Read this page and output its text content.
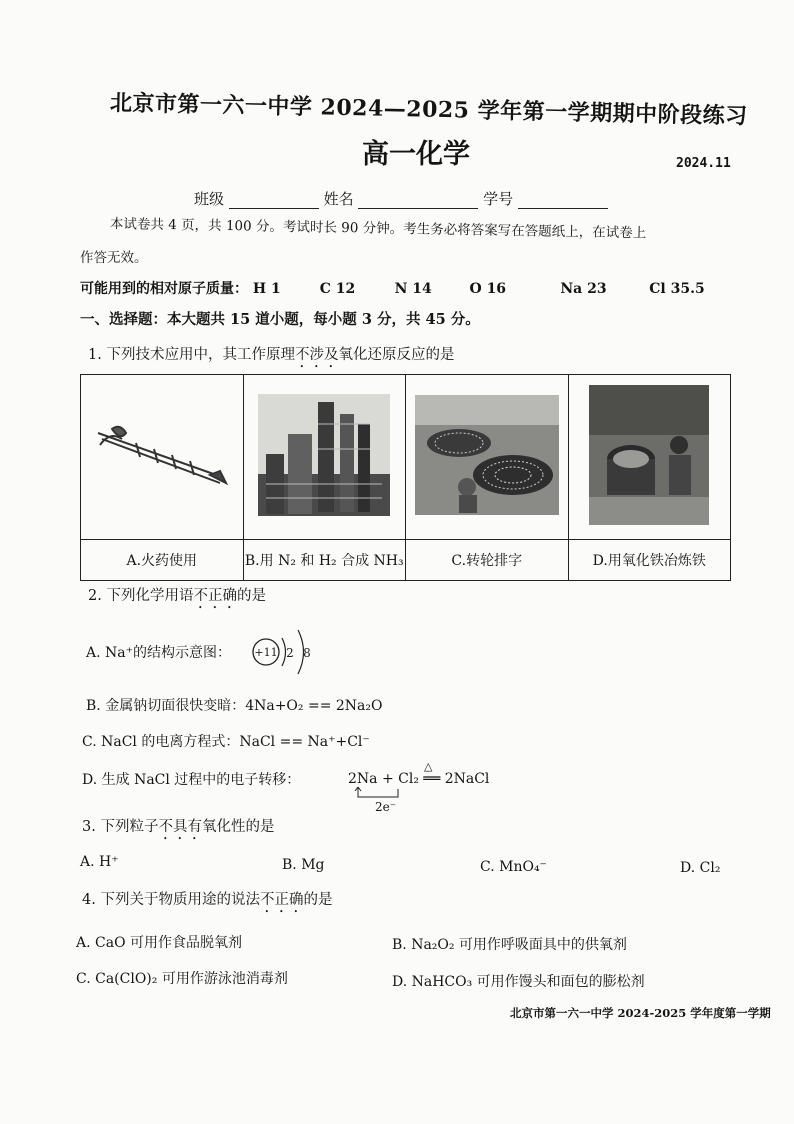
北京市第一六一中学 2024—2025 学年第一学期期中阶段练习
高一化学	2024.11
班级	姓名	学号
本试卷共 4 页，共 100 分。考试时长 90 分钟。考生务必将答案写在答题纸上，在试卷上
作答无效。
可能用到的相对原子质量： H 1	C 12	N 14	O 16	Na 23	Cl 35.5
一、选择题：本大题共 15 道小题，每小题 3 分，共 45 分。
1. 下列技术应用中，其工作原理不涉及氧化还原反应的是

A.火药使用	B.用 N₂ 和 H₂ 合成 NH₃	C.转轮排字	D.用氧化铁冶炼铁
2. 下列化学用语不正确的是
A. Na⁺的结构示意图： +11 2 8
B. 金属钠切面很快变暗：4Na+O₂ == 2Na₂O
C. NaCl 的电离方程式：NaCl == Na⁺+Cl⁻
D. 生成 NaCl 过程中的电子转移：	2Na + Cl₂ ══ 2NaCl
△
2e⁻
3. 下列粒子不具有氧化性的是
A. H⁺	B. Mg	C. MnO₄⁻	D. Cl₂
4. 下列关于物质用途的说法不正确的是
A. CaO 可用作食品脱氧剂	B. Na₂O₂ 可用作呼吸面具中的供氧剂
C. Ca(ClO)₂ 可用作游泳池消毒剂	D. NaHCO₃ 可用作馒头和面包的膨松剂
北京市第一六一中学 2024-2025 学年度第一学期
